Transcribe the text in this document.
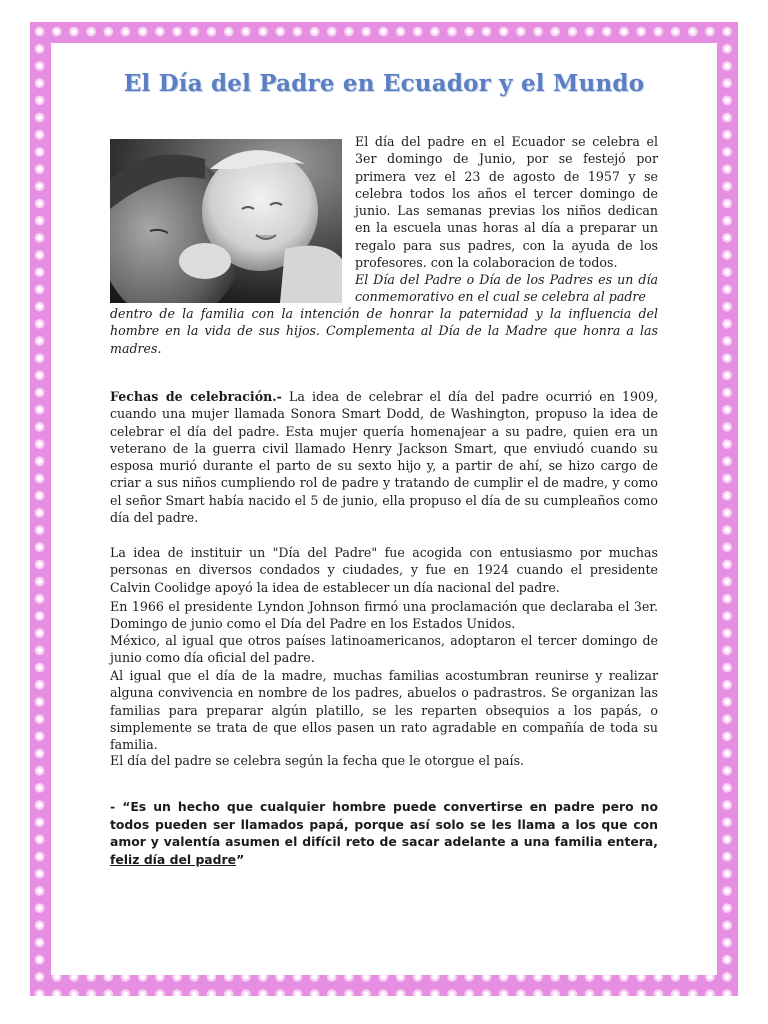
El Día del Padre en Ecuador y el Mundo

El día del padre en el Ecuador se celebra el 3er domingo de Junio, por se festejó por primera vez el 23 de agosto de 1957 y se celebra todos los años el tercer domingo de junio. Las semanas previas los niños dedican en la escuela unas horas al día a preparar un regalo para sus padres, con la ayuda de los profesores. con la colaboracion de todos.

El Día del Padre o Día de los Padres es un día conmemorativo en el cual se celebra al padre

dentro de la familia con la intención de honrar la paternidad y la influencia del hombre en la vida de sus hijos. Complementa al Día de la Madre que honra a las madres.

Fechas de celebración.- La idea de celebrar el día del padre ocurrió en 1909, cuando una mujer llamada Sonora Smart Dodd, de Washington, propuso la idea de celebrar el día del padre. Esta mujer quería homenajear a su padre, quien era un veterano de la guerra civil llamado Henry Jackson Smart, que enviudó cuando su esposa murió durante el parto de su sexto hijo y, a partir de ahí, se hizo cargo de criar a sus niños cumpliendo rol de padre y tratando de cumplir el de madre, y como el señor Smart había nacido el 5 de junio, ella propuso el día de su cumpleaños como día del padre.

La idea de instituir un "Día del Padre" fue acogida con entusiasmo por muchas personas en diversos condados y ciudades, y fue en 1924 cuando el presidente Calvin Coolidge apoyó la idea de establecer un día nacional del padre.

En 1966 el presidente Lyndon Johnson firmó una proclamación que declaraba el 3er. Domingo de junio como el Día del Padre en los Estados Unidos.

México, al igual que otros países latinoamericanos, adoptaron el tercer domingo de junio como día oficial del padre.

Al igual que el día de la madre, muchas familias acostumbran reunirse y realizar alguna convivencia en nombre de los padres, abuelos o padrastros. Se organizan las familias para preparar algún platillo, se les reparten obsequios a los papás, o simplemente se trata de que ellos pasen un rato agradable en compañía de toda su familia.

El día del padre se celebra según la fecha que le otorgue el país.

- “Es un hecho que cualquier hombre puede convertirse en padre pero no todos pueden ser llamados papá, porque así solo se les llama a los que con amor y valentía asumen el difícil reto de sacar adelante a una familia entera, feliz día del padre”
